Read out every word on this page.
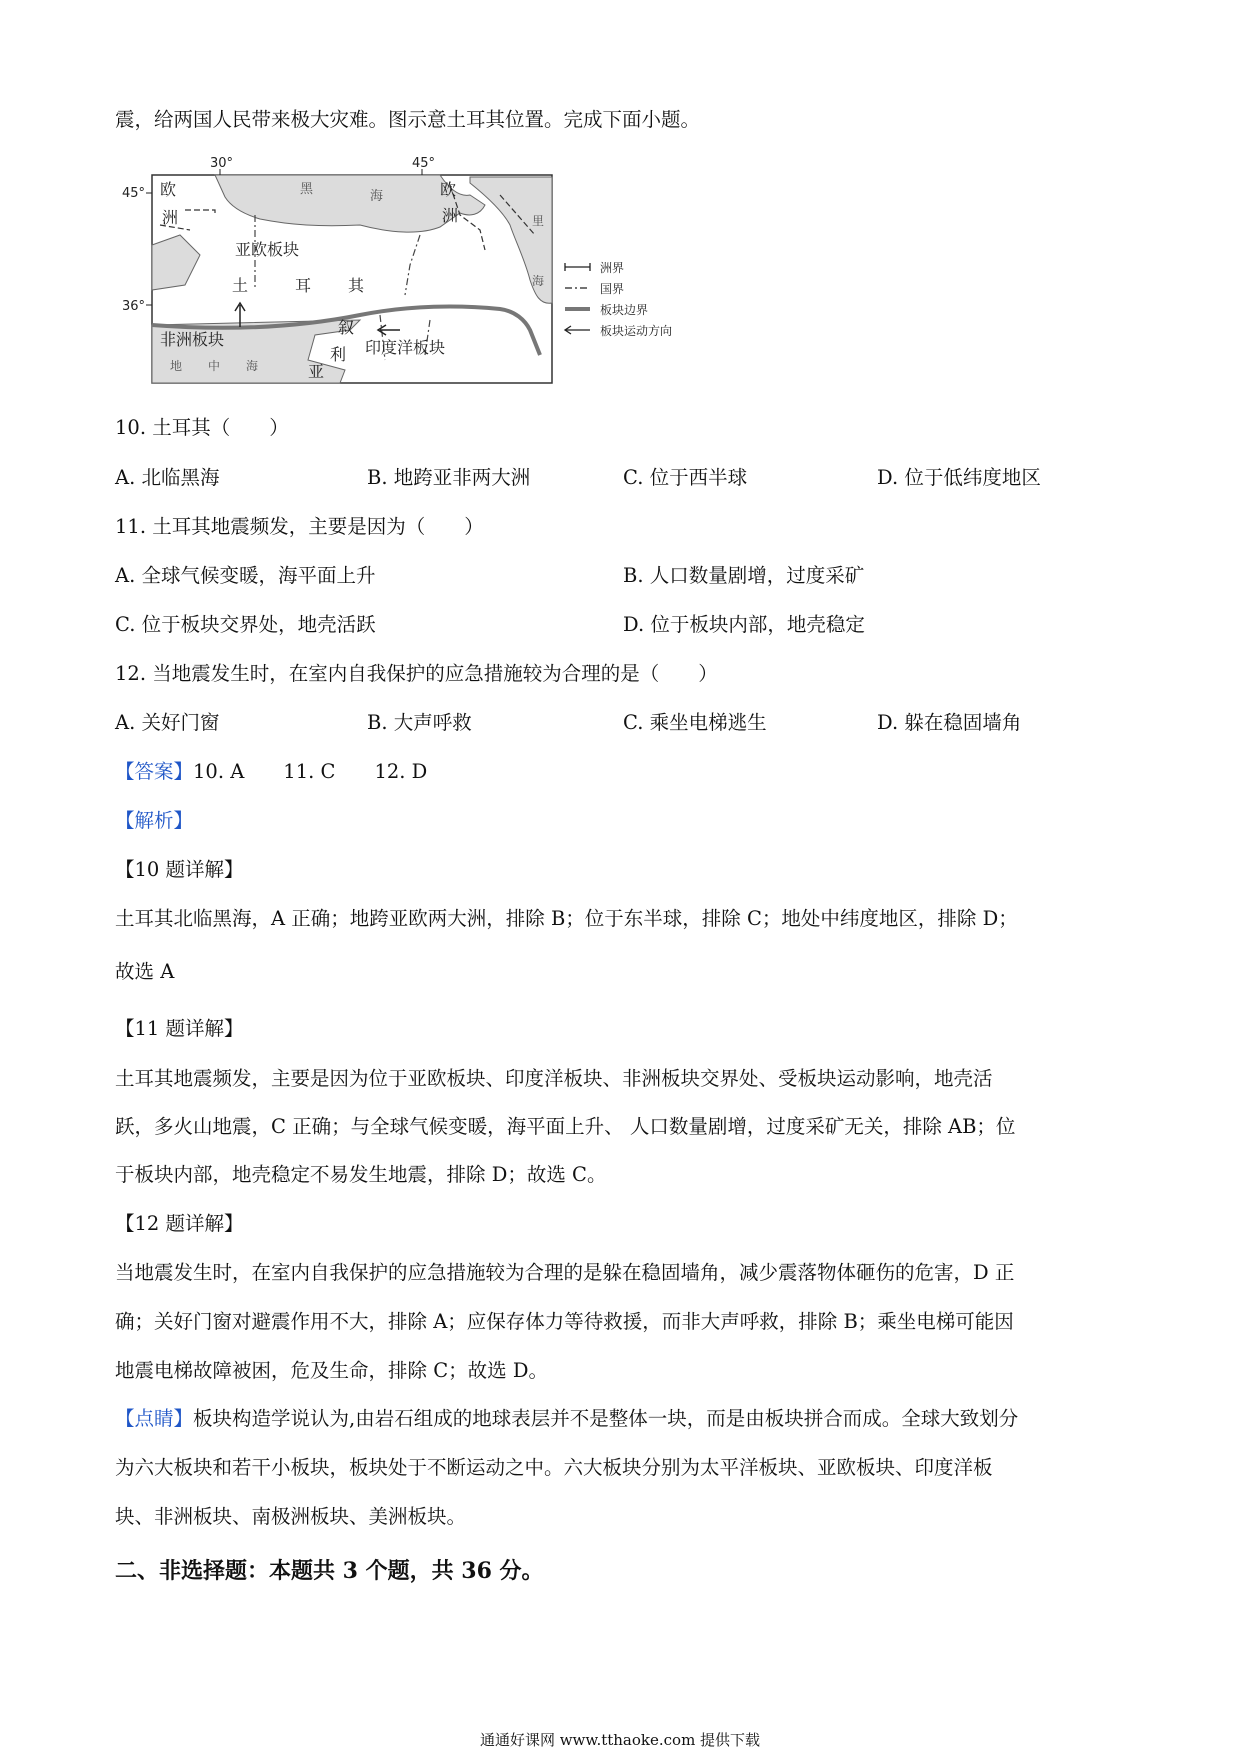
震，给两国人民带来极大灾难。图示意土耳其位置。完成下面小题。
30°	45°
45°
36°
欧
洲
黑	海	欧
洲	里
海
亚欧板块
土	耳 其
叙
利
亚
非洲板块
地 中 海
印度洋板块
洲界
国界
板块边界
板块运动方向
10. 土耳其（　　）
A. 北临黑海	B. 地跨亚非两大洲	C. 位于西半球	D. 位于低纬度地区
11. 土耳其地震频发，主要是因为（　　）
A. 全球气候变暖，海平面上升	B. 人口数量剧增，过度采矿
C. 位于板块交界处，地壳活跃	D. 位于板块内部，地壳稳定
12. 当地震发生时，在室内自我保护的应急措施较为合理的是（　　）
A. 关好门窗	B. 大声呼救	C. 乘坐电梯逃生	D. 躲在稳固墙角
【答案】10. A　　11. C　　12. D
【解析】
【10 题详解】
土耳其北临黑海，A 正确；地跨亚欧两大洲，排除 B；位于东半球，排除 C；地处中纬度地区，排除 D；
故选 A
【11 题详解】
土耳其地震频发，主要是因为位于亚欧板块、印度洋板块、非洲板块交界处、受板块运动影响，地壳活
跃，多火山地震，C 正确；与全球气候变暖，海平面上升、 人口数量剧增，过度采矿无关，排除 AB；位
于板块内部，地壳稳定不易发生地震，排除 D；故选 C。
【12 题详解】
当地震发生时，在室内自我保护的应急措施较为合理的是躲在稳固墙角，减少震落物体砸伤的危害，D 正
确；关好门窗对避震作用不大，排除 A；应保存体力等待救援，而非大声呼救，排除 B；乘坐电梯可能因
地震电梯故障被困，危及生命，排除 C；故选 D。
【点睛】板块构造学说认为,由岩石组成的地球表层并不是整体一块，而是由板块拼合而成。全球大致划分
为六大板块和若干小板块，板块处于不断运动之中。六大板块分别为太平洋板块、亚欧板块、印度洋板
块、非洲板块、南极洲板块、美洲板块。
二、非选择题：本题共 3 个题，共 36 分。
通通好课网 www.tthaoke.com 提供下载
